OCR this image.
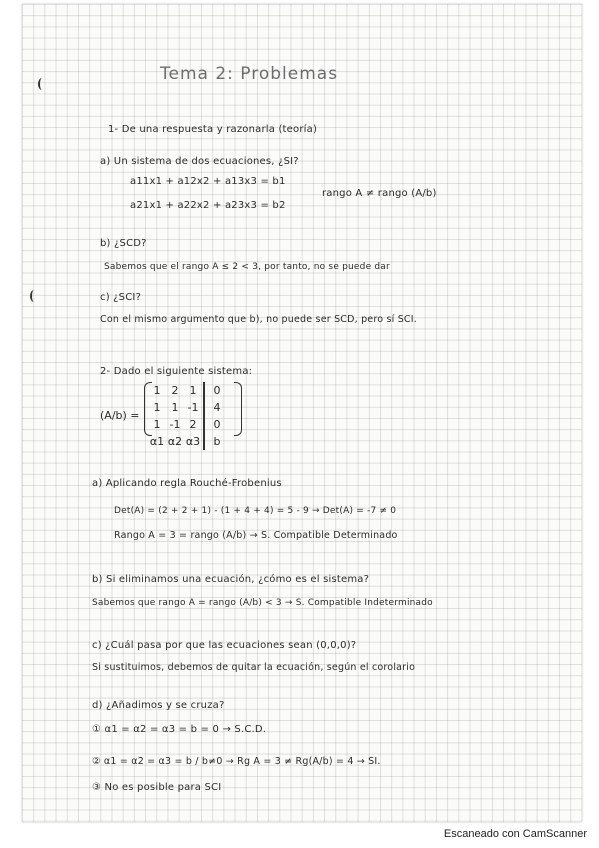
Tema 2: Problemas
1- De una respuesta y razonarla (teoría)
a) Un sistema de dos ecuaciones, ¿SI?
a11x1 + a12x2 + a13x3 = b1
a21x1 + a22x2 + a23x3 = b2
rango A ≠ rango (A/b)
b) ¿SCD?
Sabemos que el rango A ≤ 2 < 3, por tanto, no se puede dar
c) ¿SCI?
Con el mismo argumento que b), no puede ser SCD, pero sí SCI.
2- Dado el siguiente sistema:
(A/b) =
1 2 1 0
1 1 -1 4
1 -1 2 0
α1 α2 α3 b
a) Aplicando regla Rouché-Frobenius
Det(A) = (2 + 2 + 1) - (1 + 4 + 4) = 5 - 9 → Det(A) = -7 ≠ 0
Rango A = 3 = rango (A/b) → S. Compatible Determinado
b) Si eliminamos una ecuación, ¿cómo es el sistema?
Sabemos que rango A = rango (A/b) < 3 → S. Compatible Indeterminado
c) ¿Cuál pasa por que las ecuaciones sean (0,0,0)?
Si sustituimos, debemos de quitar la ecuación, según el corolario
d) ¿Añadimos y se cruza?
① α1 = α2 = α3 = b = 0 → S.C.D.
② α1 = α2 = α3 = b / b≠0 → Rg A = 3 ≠ Rg(A/b) = 4 → SI.
③ No es posible para SCI
Escaneado con CamScanner
